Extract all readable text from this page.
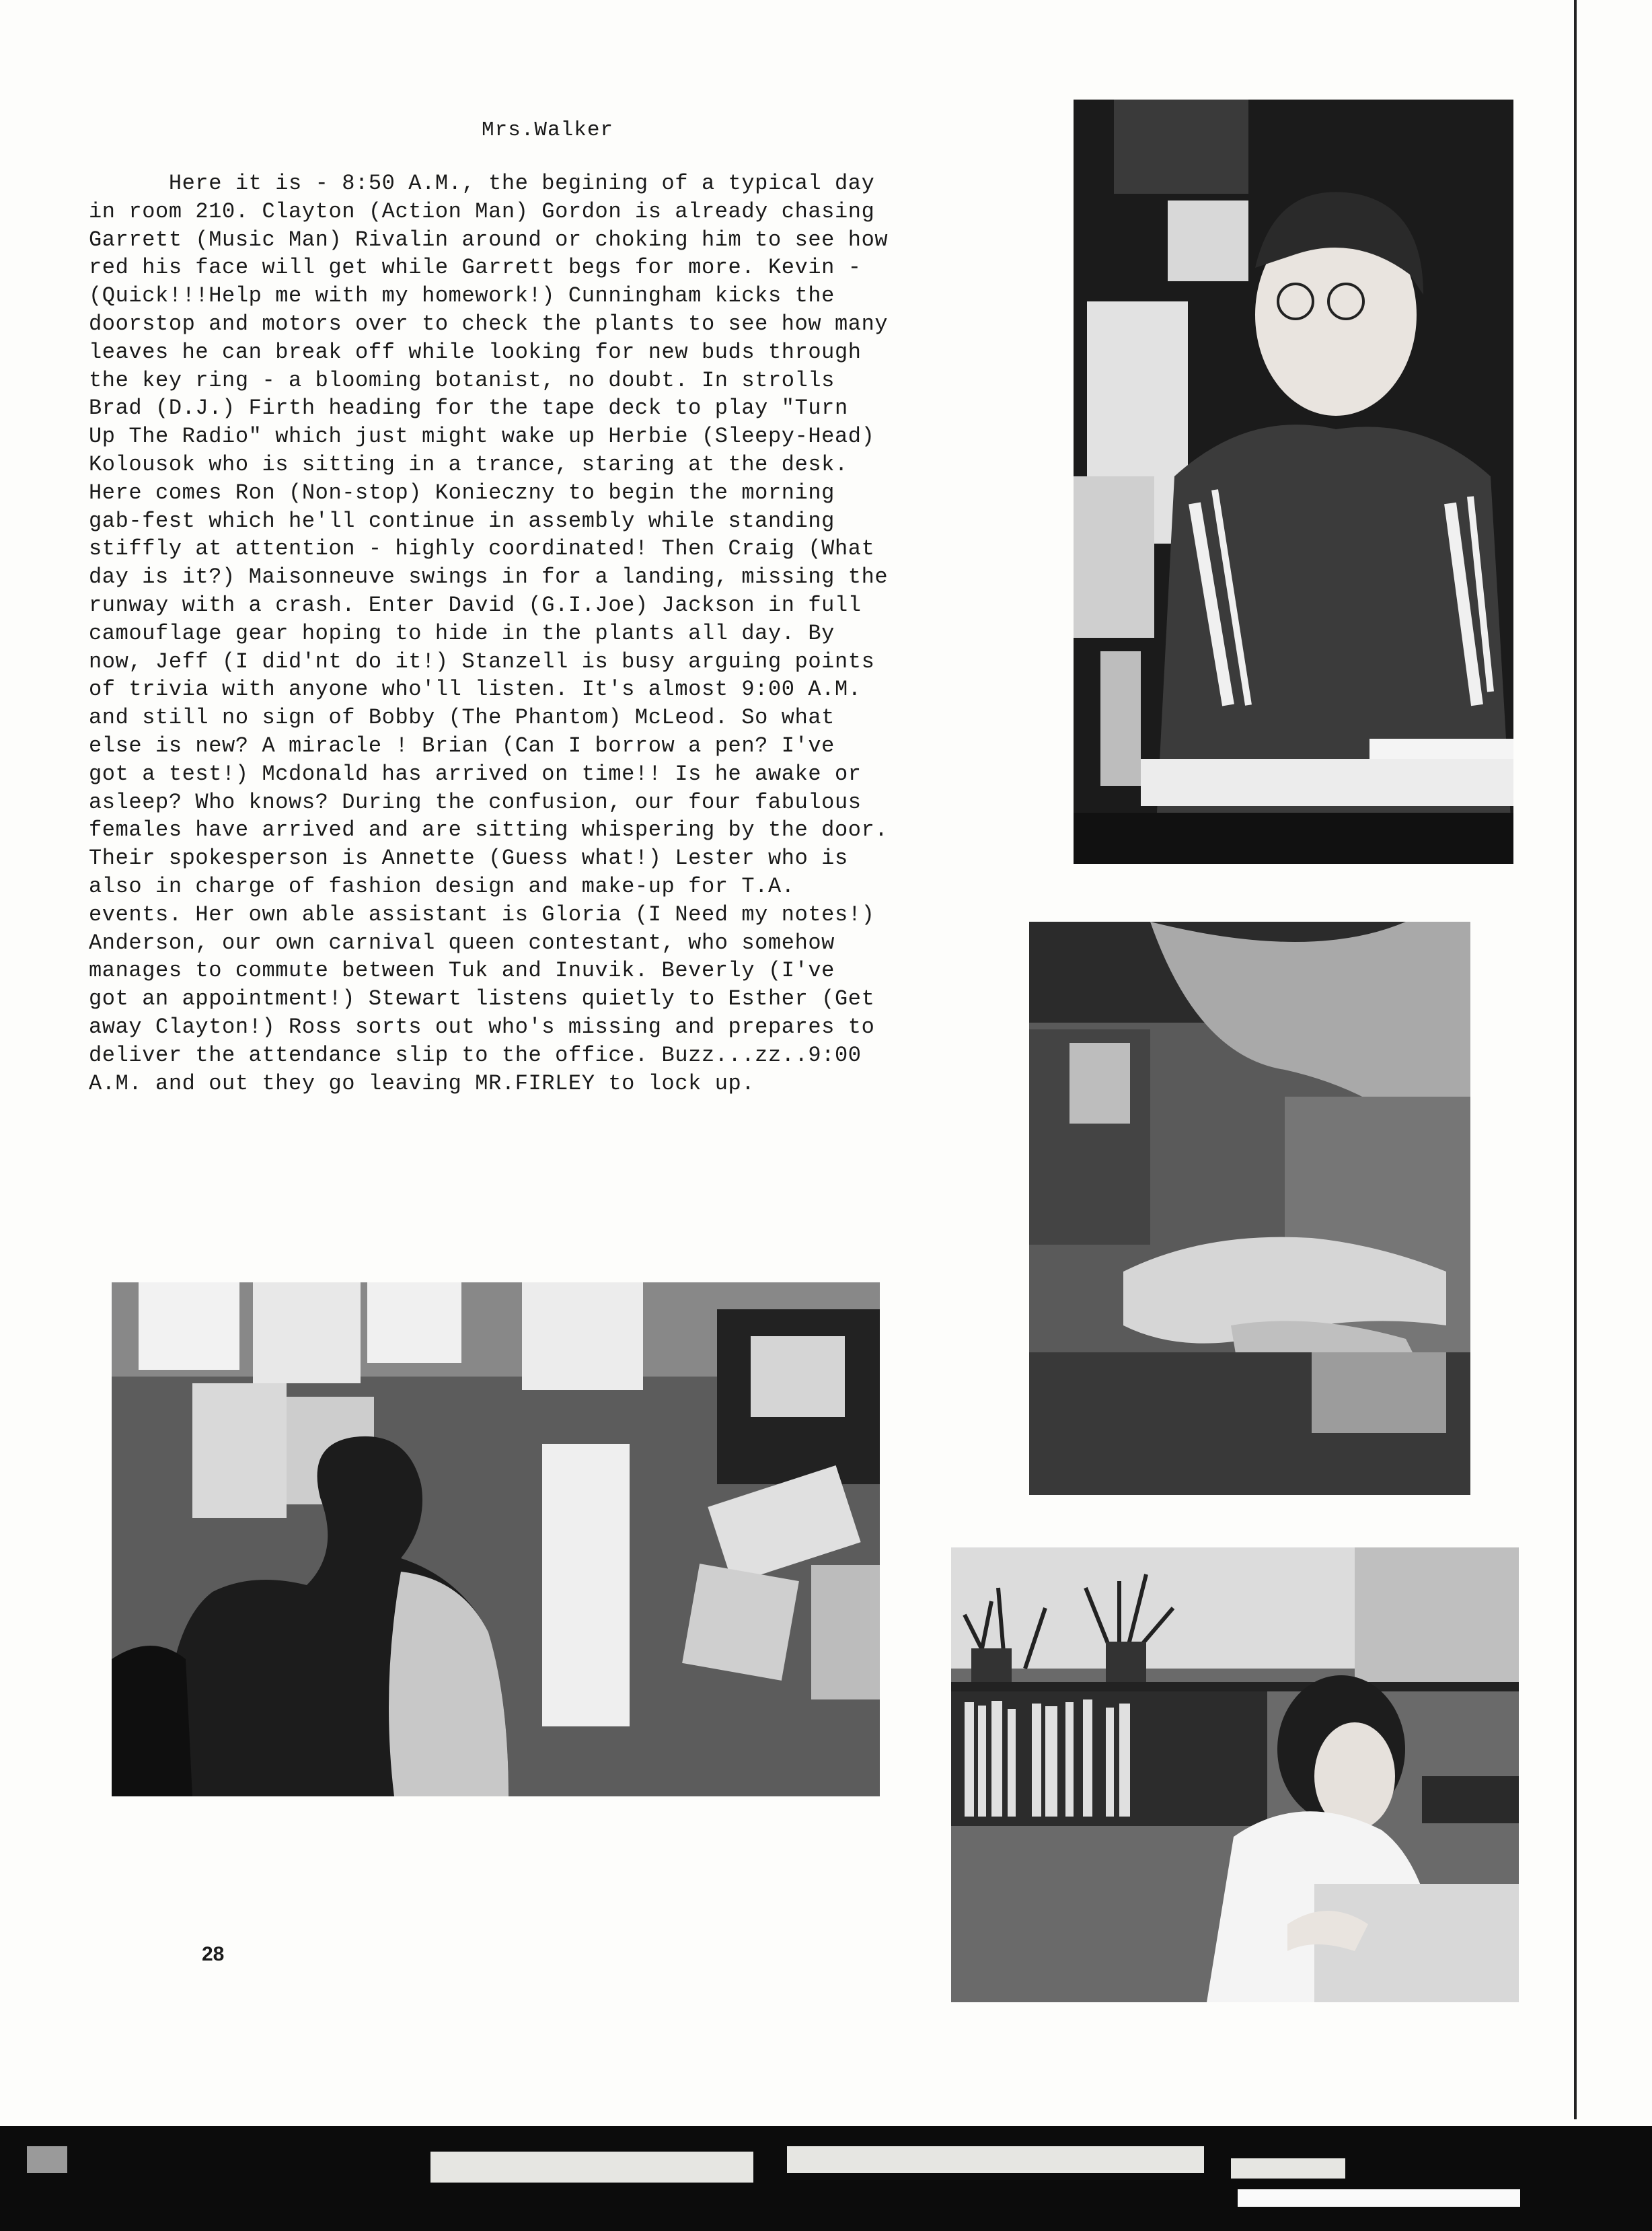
Mrs.Walker
Here it is - 8:50 A.M., the begining of a typical day
in room 210. Clayton (Action Man) Gordon is already chasing
Garrett (Music Man) Rivalin around or choking him to see how
red his face will get while Garrett begs for more. Kevin -
(Quick!!!Help me with my homework!) Cunningham kicks the
doorstop and motors over to check the plants to see how many
leaves he can break off while looking for new buds through
the key ring - a blooming botanist, no doubt. In strolls
Brad (D.J.) Firth heading for the tape deck to play "Turn
Up The Radio" which just might wake up Herbie (Sleepy-Head)
Kolousok who is sitting in a trance, staring at the desk.
Here comes Ron (Non-stop) Konieczny to begin the morning
gab-fest which he'll continue in assembly while standing
stiffly at attention - highly coordinated! Then Craig (What
day is it?) Maisonneuve swings in for a landing, missing the
runway with a crash. Enter David (G.I.Joe) Jackson in full
camouflage gear hoping to hide in the plants all day. By
now, Jeff (I did'nt do it!) Stanzell is busy arguing points
of trivia with anyone who'll listen. It's almost 9:00 A.M.
and still no sign of Bobby (The Phantom) McLeod. So what
else is new? A miracle ! Brian (Can I borrow a pen? I've
got a test!) Mcdonald has arrived on time!! Is he awake or
asleep? Who knows? During the confusion, our four fabulous
females have arrived and are sitting whispering by the door.
Their spokesperson is Annette (Guess what!) Lester who is
also in charge of fashion design and make-up for T.A.
events. Her own able assistant is Gloria (I Need my notes!)
Anderson, our own carnival queen contestant, who somehow
manages to commute between Tuk and Inuvik. Beverly (I've
got an appointment!) Stewart listens quietly to Esther (Get
away Clayton!) Ross sorts out who's missing and prepares to
deliver the attendance slip to the office. Buzz...zz..9:00
A.M. and out they go leaving MR.FIRLEY to lock up.

28
